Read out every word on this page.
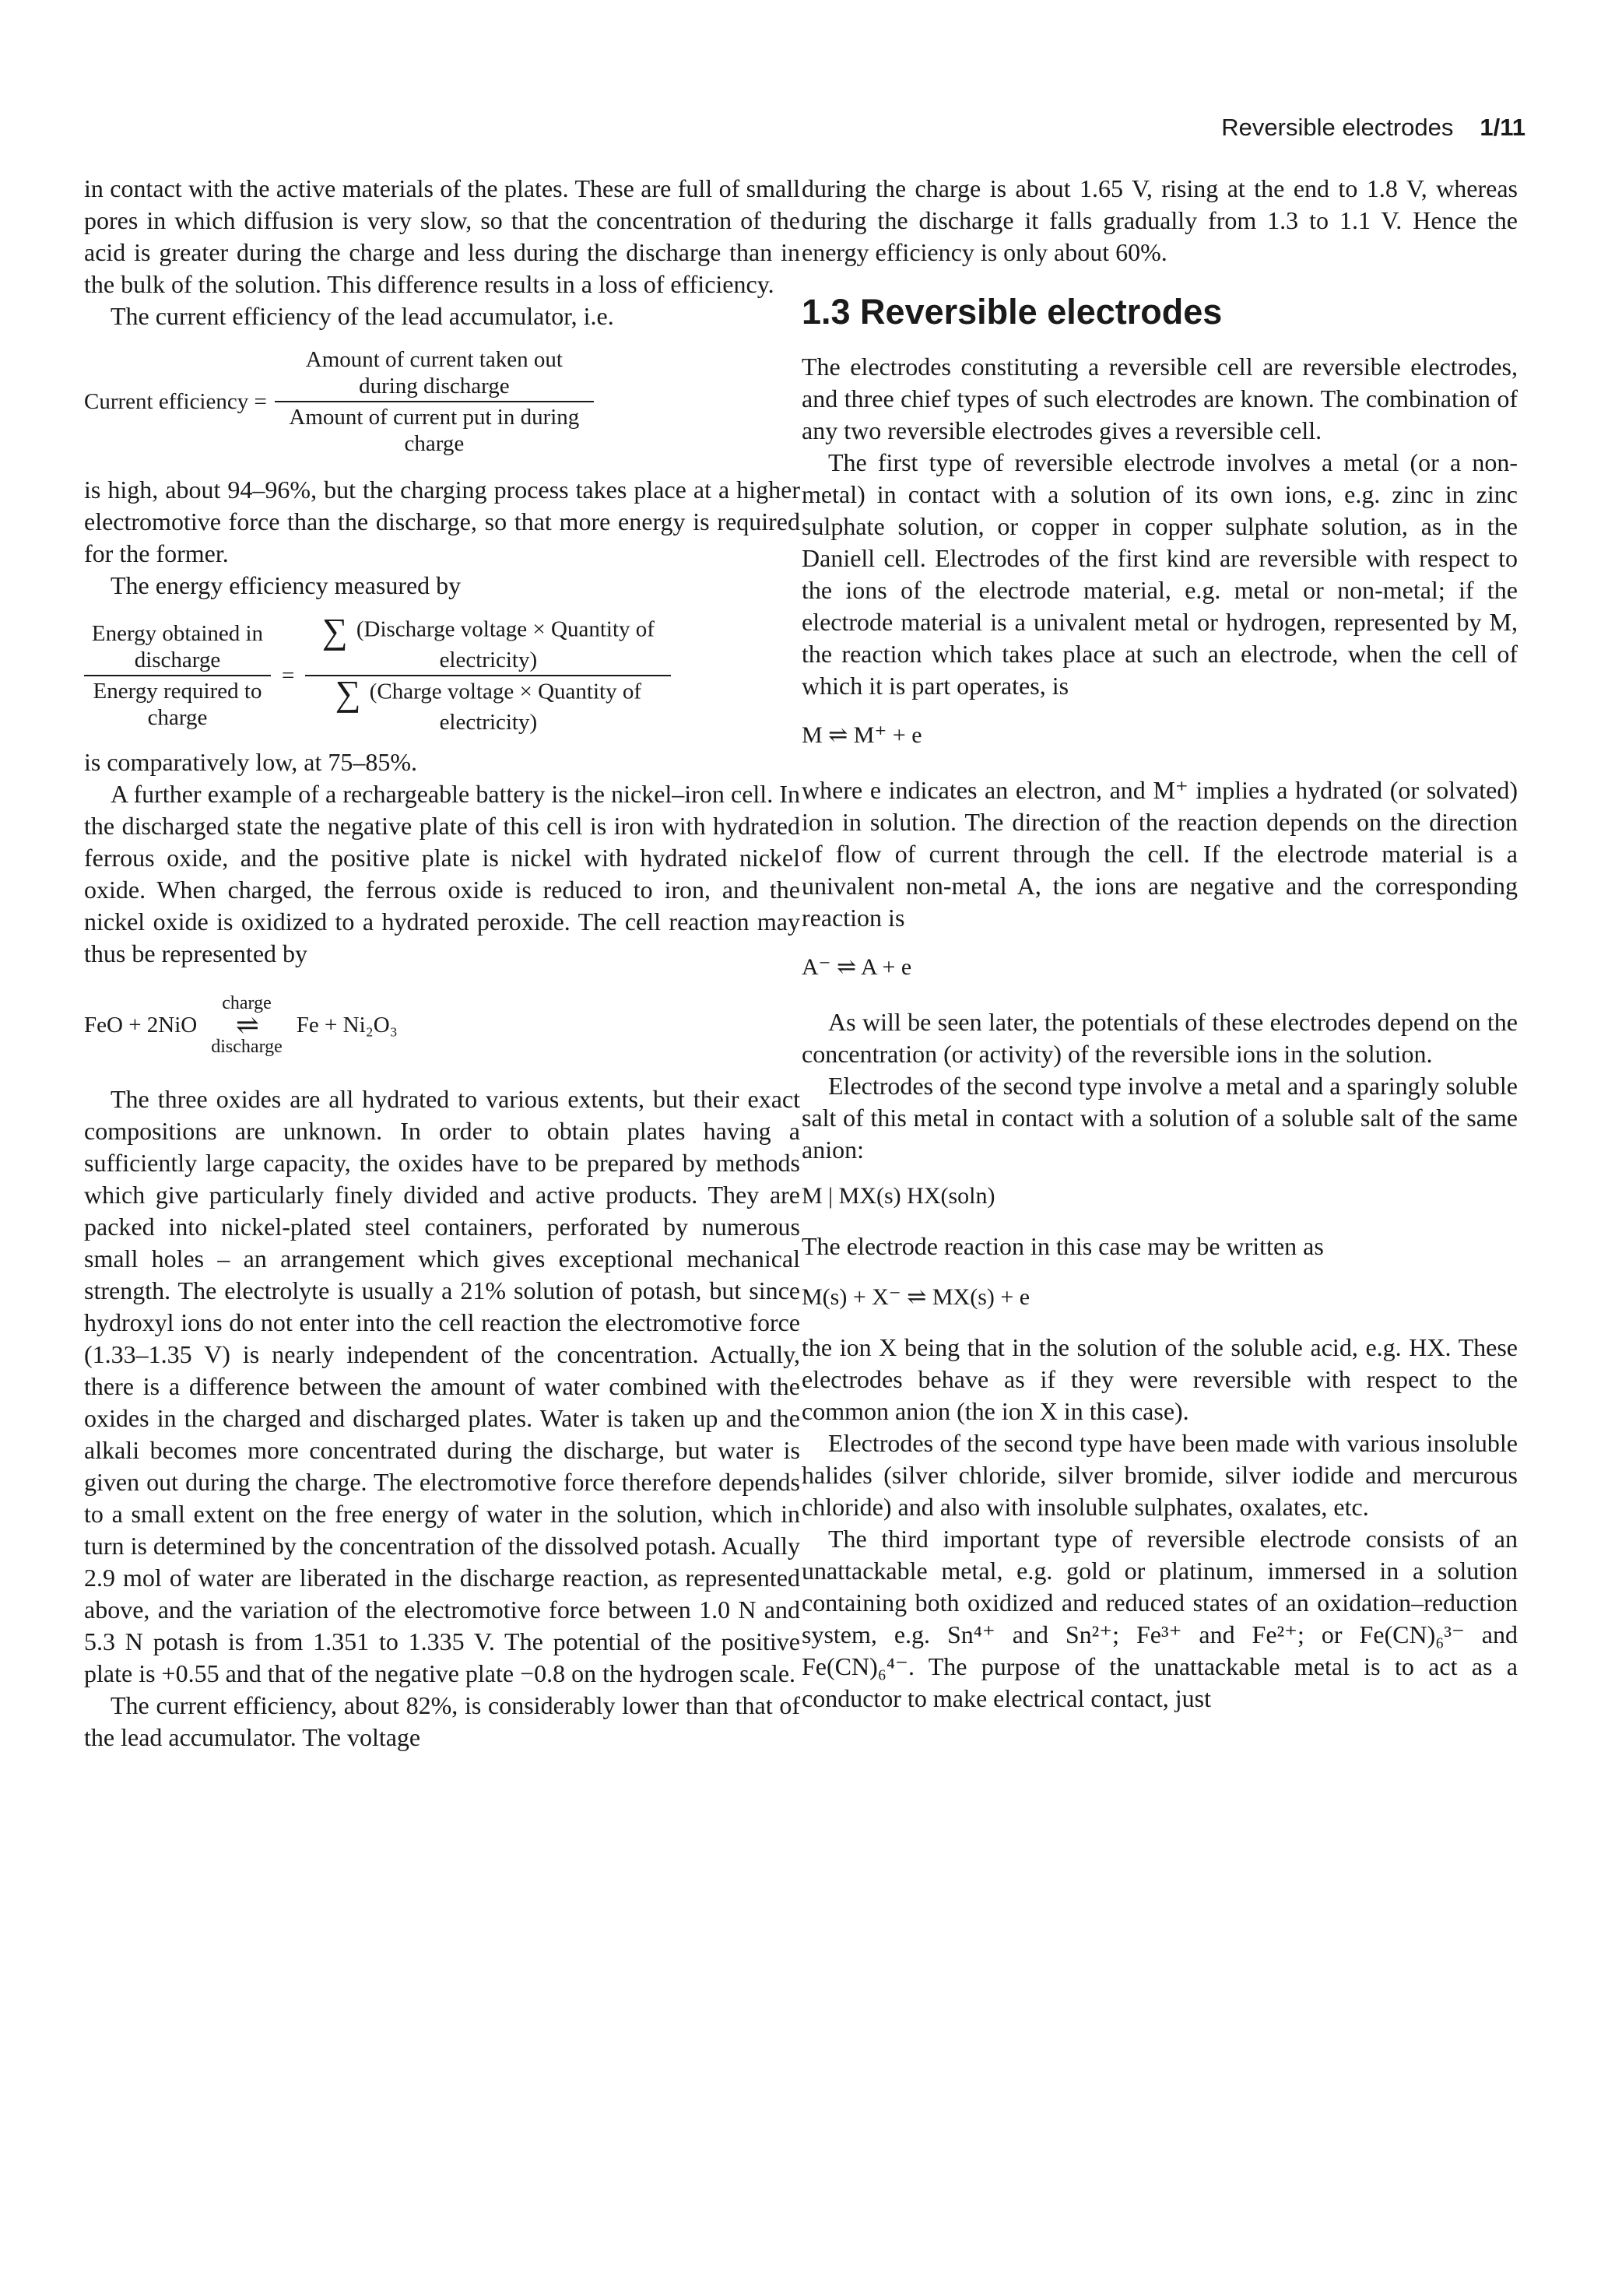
Reversible electrodes 1/11

in contact with the active materials of the plates. These are full of small pores in which diffusion is very slow, so that the concentration of the acid is greater during the charge and less during the discharge than in the bulk of the solution. This difference results in a loss of efficiency.

The current efficiency of the lead accumulator, i.e.

Current efficiency = $\frac{\text{Amount of current taken out during discharge}}{\text{Amount of current put in during charge}}$

is high, about 94–96%, but the charging process takes place at a higher electromotive force than the discharge, so that more energy is required for the former.

The energy efficiency measured by

$\frac{\text{Energy obtained in discharge}}{\text{Energy required to charge}} = \frac{\text{∑ (Discharge voltage × Quantity of electricity)}}{\text{∑ (Charge voltage × Quantity of electricity)}}$

is comparatively low, at 75–85%.

A further example of a rechargeable battery is the nickel–iron cell. In the discharged state the negative plate of this cell is iron with hydrated ferrous oxide, and the positive plate is nickel with hydrated nickel oxide. When charged, the ferrous oxide is reduced to iron, and the nickel oxide is oxidized to a hydrated peroxide. The cell reaction may thus be represented by

FeO + 2NiO
charge
⇌
discharge
Fe + Ni₂O₃

The three oxides are all hydrated to various extents, but their exact compositions are unknown. In order to obtain plates having a sufficiently large capacity, the oxides have to be prepared by methods which give particularly finely divided and active products. They are packed into nickel-plated steel containers, perforated by numerous small holes – an arrangement which gives exceptional mechanical strength. The electrolyte is usually a 21% solution of potash, but since hydroxyl ions do not enter into the cell reaction the electromotive force (1.33–1.35 V) is nearly independent of the concentration. Actually, there is a difference between the amount of water combined with the oxides in the charged and discharged plates. Water is taken up and the alkali becomes more concentrated during the discharge, but water is given out during the charge. The electromotive force therefore depends to a small extent on the free energy of water in the solution, which in turn is determined by the concentration of the dissolved potash. Acually 2.9 mol of water are liberated in the discharge reaction, as represented above, and the variation of the electromotive force between 1.0 N and 5.3 N potash is from 1.351 to 1.335 V. The potential of the positive plate is +0.55 and that of the negative plate −0.8 on the hydrogen scale.

The current efficiency, about 82%, is considerably lower than that of the lead accumulator. The voltage

during the charge is about 1.65 V, rising at the end to 1.8 V, whereas during the discharge it falls gradually from 1.3 to 1.1 V. Hence the energy efficiency is only about 60%.

1.3 Reversible electrodes

The electrodes constituting a reversible cell are reversible electrodes, and three chief types of such electrodes are known. The combination of any two reversible electrodes gives a reversible cell.

The first type of reversible electrode involves a metal (or a non-metal) in contact with a solution of its own ions, e.g. zinc in zinc sulphate solution, or copper in copper sulphate solution, as in the Daniell cell. Electrodes of the first kind are reversible with respect to the ions of the electrode material, e.g. metal or non-metal; if the electrode material is a univalent metal or hydrogen, represented by M, the reaction which takes place at such an electrode, when the cell of which it is part operates, is

M ⇌ M⁺ + e

where e indicates an electron, and M⁺ implies a hydrated (or solvated) ion in solution. The direction of the reaction depends on the direction of flow of current through the cell. If the electrode material is a univalent non-metal A, the ions are negative and the corresponding reaction is

A⁻ ⇌ A + e

As will be seen later, the potentials of these electrodes depend on the concentration (or activity) of the reversible ions in the solution.

Electrodes of the second type involve a metal and a sparingly soluble salt of this metal in contact with a solution of a soluble salt of the same anion:

M | MX(s) HX(soln)

The electrode reaction in this case may be written as

M(s) + X⁻ ⇌ MX(s) + e

the ion X being that in the solution of the soluble acid, e.g. HX. These electrodes behave as if they were reversible with respect to the common anion (the ion X in this case).

Electrodes of the second type have been made with various insoluble halides (silver chloride, silver bromide, silver iodide and mercurous chloride) and also with insoluble sulphates, oxalates, etc.

The third important type of reversible electrode consists of an unattackable metal, e.g. gold or platinum, immersed in a solution containing both oxidized and reduced states of an oxidation–reduction system, e.g. Sn⁴⁺ and Sn²⁺; Fe³⁺ and Fe²⁺; or Fe(CN)₆³⁻ and Fe(CN)₆⁴⁻. The purpose of the unattackable metal is to act as a conductor to make electrical contact, just
